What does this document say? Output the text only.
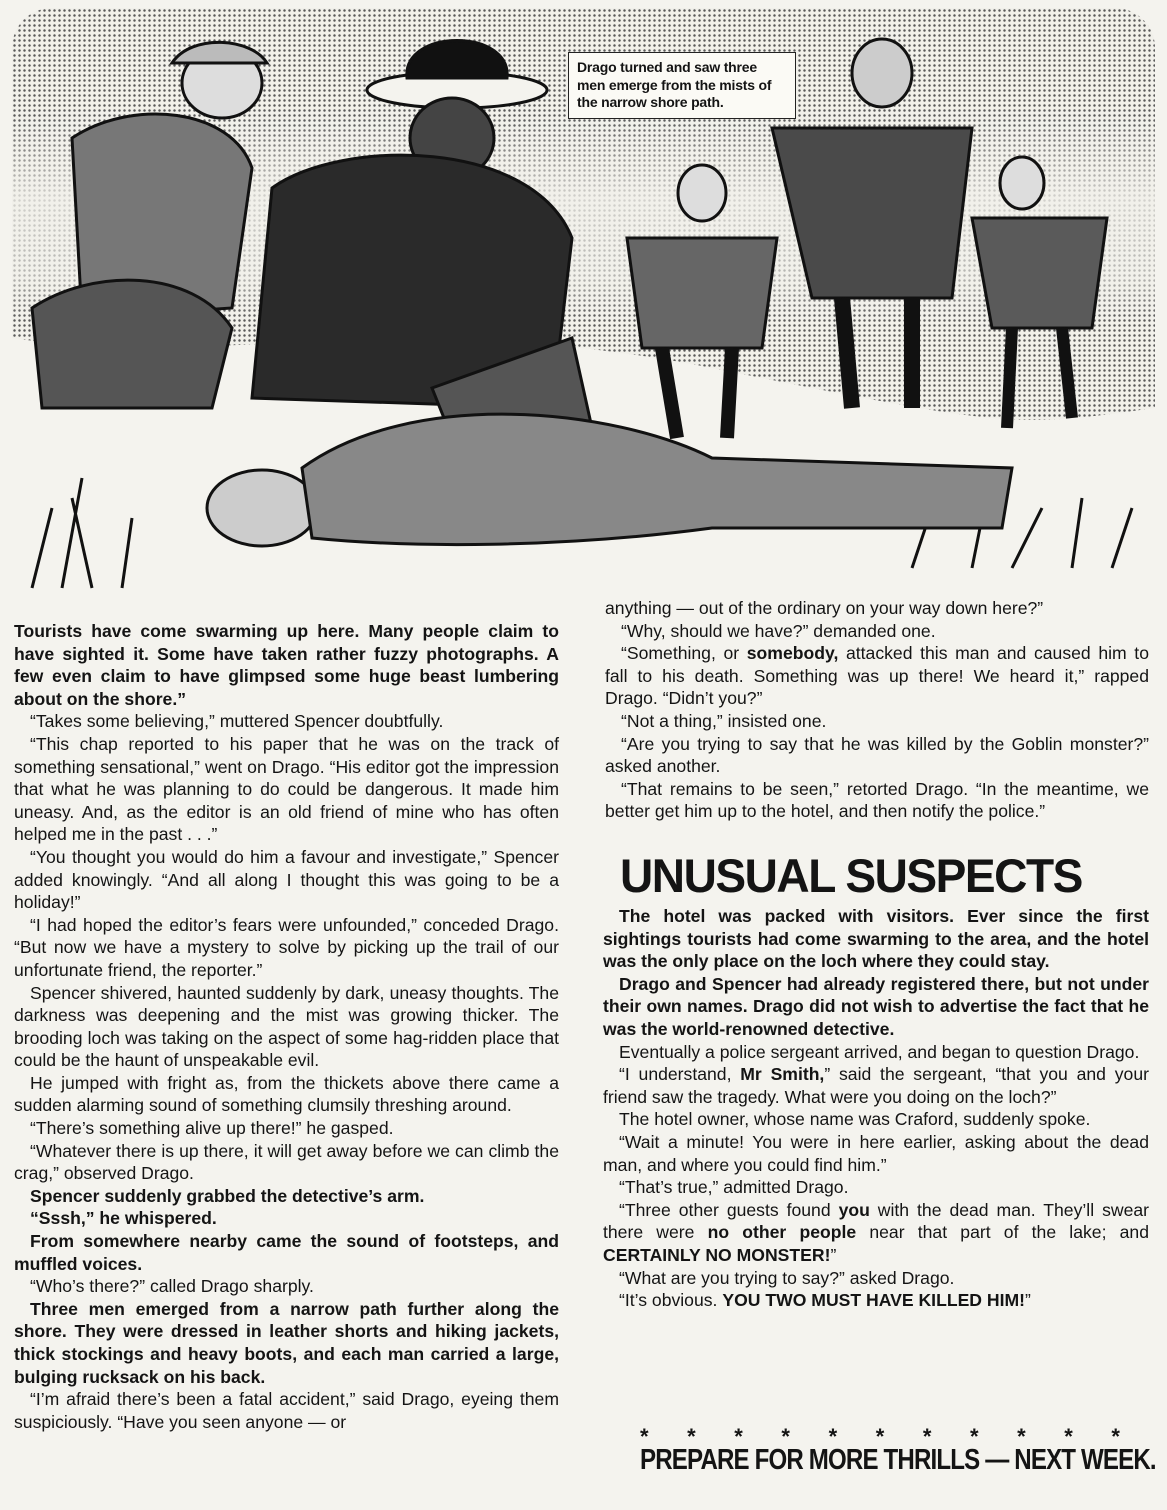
Drago turned and saw three men emerge from the mists of the narrow shore path.

Tourists have come swarming up here. Many people claim to have sighted it. Some have taken rather fuzzy photographs. A few even claim to have glimpsed some huge beast lumbering about on the shore.”

“Takes some believing,” muttered Spencer doubtfully.

“This chap reported to his paper that he was on the track of something sensational,” went on Drago. “His editor got the impression that what he was planning to do could be dangerous. It made him uneasy. And, as the editor is an old friend of mine who has often helped me in the past . . .”

“You thought you would do him a favour and investigate,” Spencer added knowingly. “And all along I thought this was going to be a holiday!”

“I had hoped the editor’s fears were unfounded,” conceded Drago. “But now we have a mystery to solve by picking up the trail of our unfortunate friend, the reporter.”

Spencer shivered, haunted suddenly by dark, uneasy thoughts. The darkness was deepening and the mist was growing thicker. The brooding loch was taking on the aspect of some hag-ridden place that could be the haunt of unspeakable evil.

He jumped with fright as, from the thickets above there came a sudden alarming sound of something clumsily threshing around.

“There’s something alive up there!” he gasped.

“Whatever there is up there, it will get away before we can climb the crag,” observed Drago.

Spencer suddenly grabbed the detective’s arm.

“Sssh,” he whispered.

From somewhere nearby came the sound of footsteps, and muffled voices.

“Who’s there?” called Drago sharply.

Three men emerged from a narrow path further along the shore. They were dressed in leather shorts and hiking jackets, thick stockings and heavy boots, and each man carried a large, bulging rucksack on his back.

“I’m afraid there’s been a fatal accident,” said Drago, eyeing them suspiciously. “Have you seen anyone — or

anything — out of the ordinary on your way down here?”

“Why, should we have?” demanded one.

“Something, or somebody, attacked this man and caused him to fall to his death. Something was up there! We heard it,” rapped Drago. “Didn’t you?”

“Not a thing,” insisted one.

“Are you trying to say that he was killed by the Goblin monster?” asked another.

“That remains to be seen,” retorted Drago. “In the meantime, we better get him up to the hotel, and then notify the police.”

UNUSUAL SUSPECTS

The hotel was packed with visitors. Ever since the first sightings tourists had come swarming to the area, and the hotel was the only place on the loch where they could stay.

Drago and Spencer had already registered there, but not under their own names. Drago did not wish to advertise the fact that he was the world-renowned detective.

Eventually a police sergeant arrived, and began to question Drago.

“I understand, Mr Smith,” said the sergeant, “that you and your friend saw the tragedy. What were you doing on the loch?”

The hotel owner, whose name was Craford, suddenly spoke.

“Wait a minute! You were in here earlier, asking about the dead man, and where you could find him.”

“That’s true,” admitted Drago.

“Three other guests found you with the dead man. They’ll swear there were no other people near that part of the lake; and CERTAINLY NO MONSTER!”

“What are you trying to say?” asked Drago.

“It’s obvious. YOU TWO MUST HAVE KILLED HIM!”

* * * * * * * * * * *
PREPARE FOR MORE THRILLS — NEXT WEEK.
